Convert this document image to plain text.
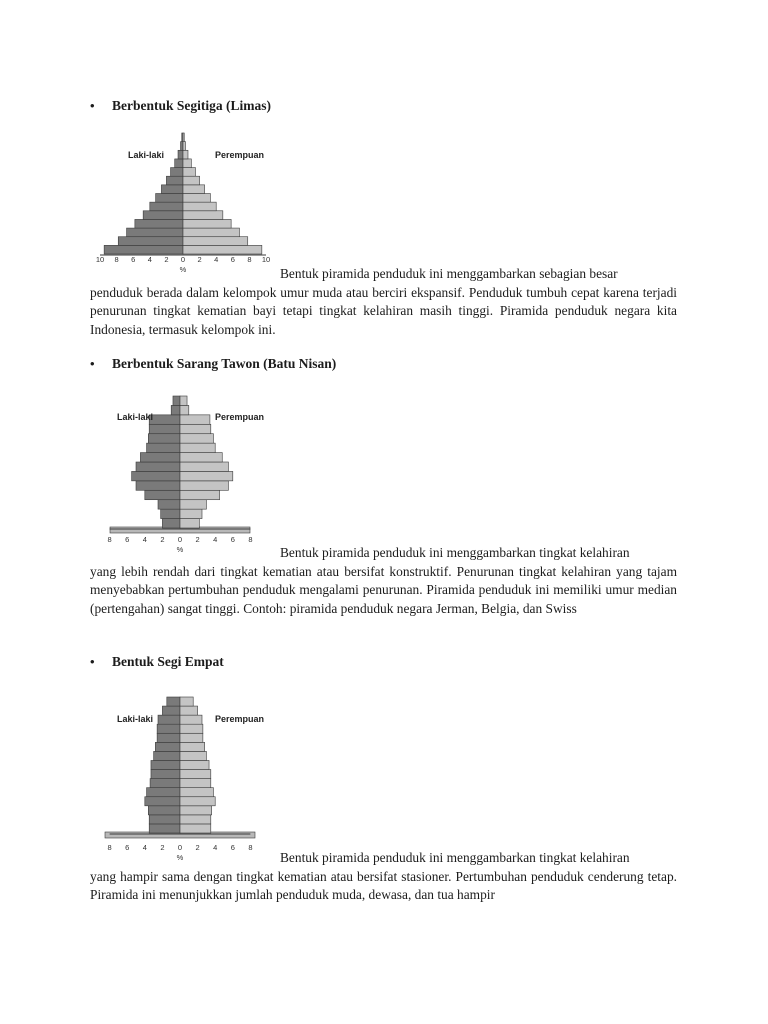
• Berbentuk Segitiga (Limas)
10 8 6 4 2 0 2 4 6 8 10
%
Laki-laki	Perempuan

Bentuk piramida penduduk ini menggambarkan sebagian besar
penduduk berada dalam kelompok umur muda atau berciri ekspansif. Penduduk tumbuh cepat karena terjadi penurunan tingkat kematian bayi tetapi tingkat kelahiran masih tinggi. Piramida penduduk negara kita Indonesia, termasuk kelompok ini.

• Berbentuk Sarang Tawon (Batu Nisan)
8 6 4 2 0 2 4 6 8
%
Laki-laki	Perempuan

Bentuk piramida penduduk ini menggambarkan tingkat kelahiran
yang lebih rendah dari tingkat kematian atau bersifat konstruktif. Penurunan tingkat kelahiran yang tajam menyebabkan pertumbuhan penduduk mengalami penurunan. Piramida penduduk ini memiliki umur median (pertengahan) sangat tinggi. Contoh: piramida penduduk negara Jerman, Belgia, dan Swiss

• Bentuk Segi Empat
8 6 4 2 0 2 4 6 8
%
Laki-laki	Perempuan

Bentuk piramida penduduk ini menggambarkan tingkat kelahiran
yang hampir sama dengan tingkat kematian atau bersifat stasioner. Pertumbuhan penduduk cenderung tetap. Piramida ini menunjukkan jumlah penduduk muda, dewasa, dan tua hampir
